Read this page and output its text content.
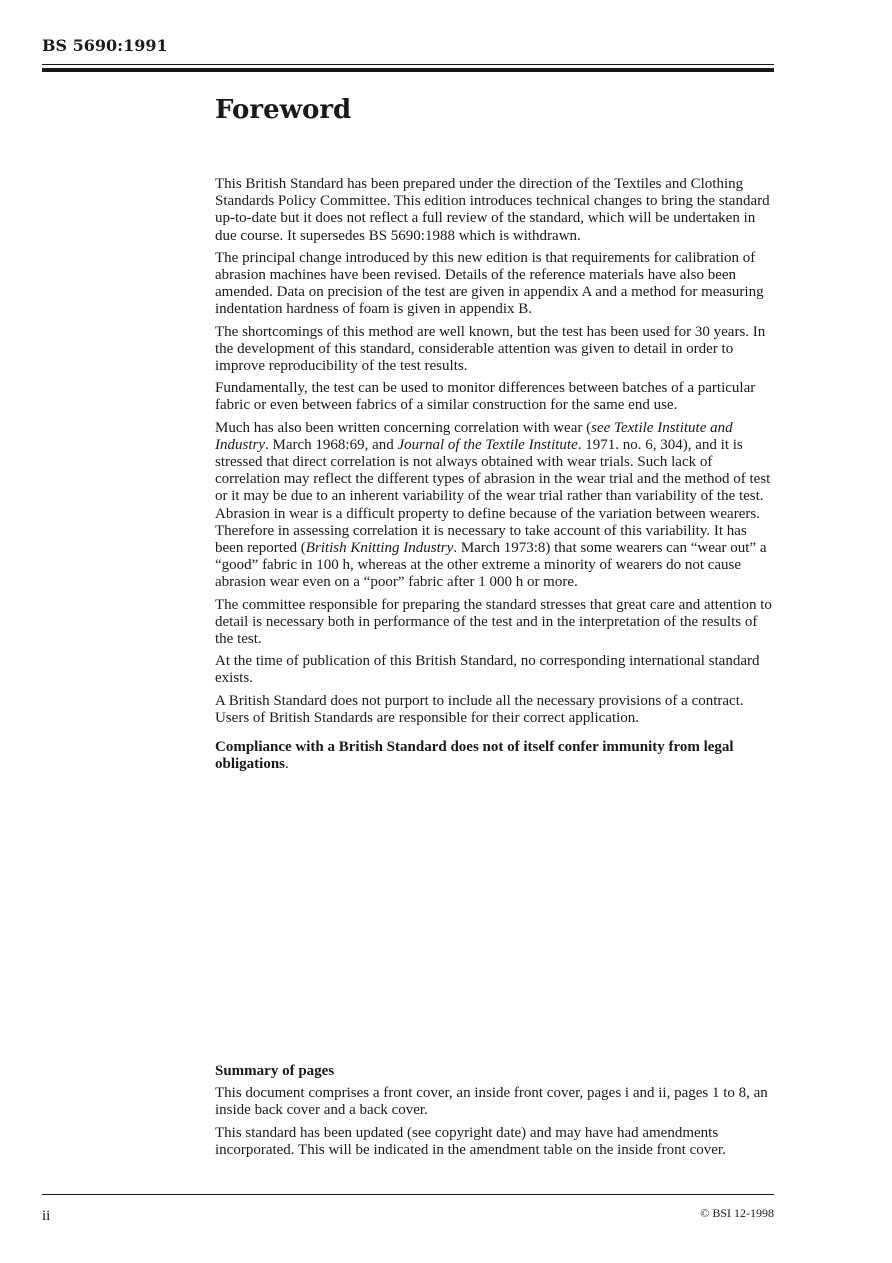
BS 5690:1991
Foreword

This British Standard has been prepared under the direction of the Textiles and Clothing Standards Policy Committee. This edition introduces technical changes to bring the standard up-to-date but it does not reflect a full review of the standard, which will be undertaken in due course. It supersedes BS 5690:1988 which is withdrawn.

The principal change introduced by this new edition is that requirements for calibration of abrasion machines have been revised. Details of the reference materials have also been amended. Data on precision of the test are given in appendix A and a method for measuring indentation hardness of foam is given in appendix B.

The shortcomings of this method are well known, but the test has been used for 30 years. In the development of this standard, considerable attention was given to detail in order to improve reproducibility of the test results.

Fundamentally, the test can be used to monitor differences between batches of a particular fabric or even between fabrics of a similar construction for the same end use.

Much has also been written concerning correlation with wear (see Textile Institute and Industry. March 1968:69, and Journal of the Textile Institute. 1971. no. 6, 304), and it is stressed that direct correlation is not always obtained with wear trials. Such lack of correlation may reflect the different types of abrasion in the wear trial and the method of test or it may be due to an inherent variability of the wear trial rather than variability of the test. Abrasion in wear is a difficult property to define because of the variation between wearers. Therefore in assessing correlation it is necessary to take account of this variability. It has been reported (British Knitting Industry. March 1973:8) that some wearers can “wear out” a “good” fabric in 100 h, whereas at the other extreme a minority of wearers do not cause abrasion wear even on a “poor” fabric after 1 000 h or more.

The committee responsible for preparing the standard stresses that great care and attention to detail is necessary both in performance of the test and in the interpretation of the results of the test.

At the time of publication of this British Standard, no corresponding international standard exists.

A British Standard does not purport to include all the necessary provisions of a contract. Users of British Standards are responsible for their correct application.

Compliance with a British Standard does not of itself confer immunity from legal obligations.

Summary of pages

This document comprises a front cover, an inside front cover, pages i and ii, pages 1 to 8, an inside back cover and a back cover.

This standard has been updated (see copyright date) and may have had amendments incorporated. This will be indicated in the amendment table on the inside front cover.

ii	© BSI 12-1998
